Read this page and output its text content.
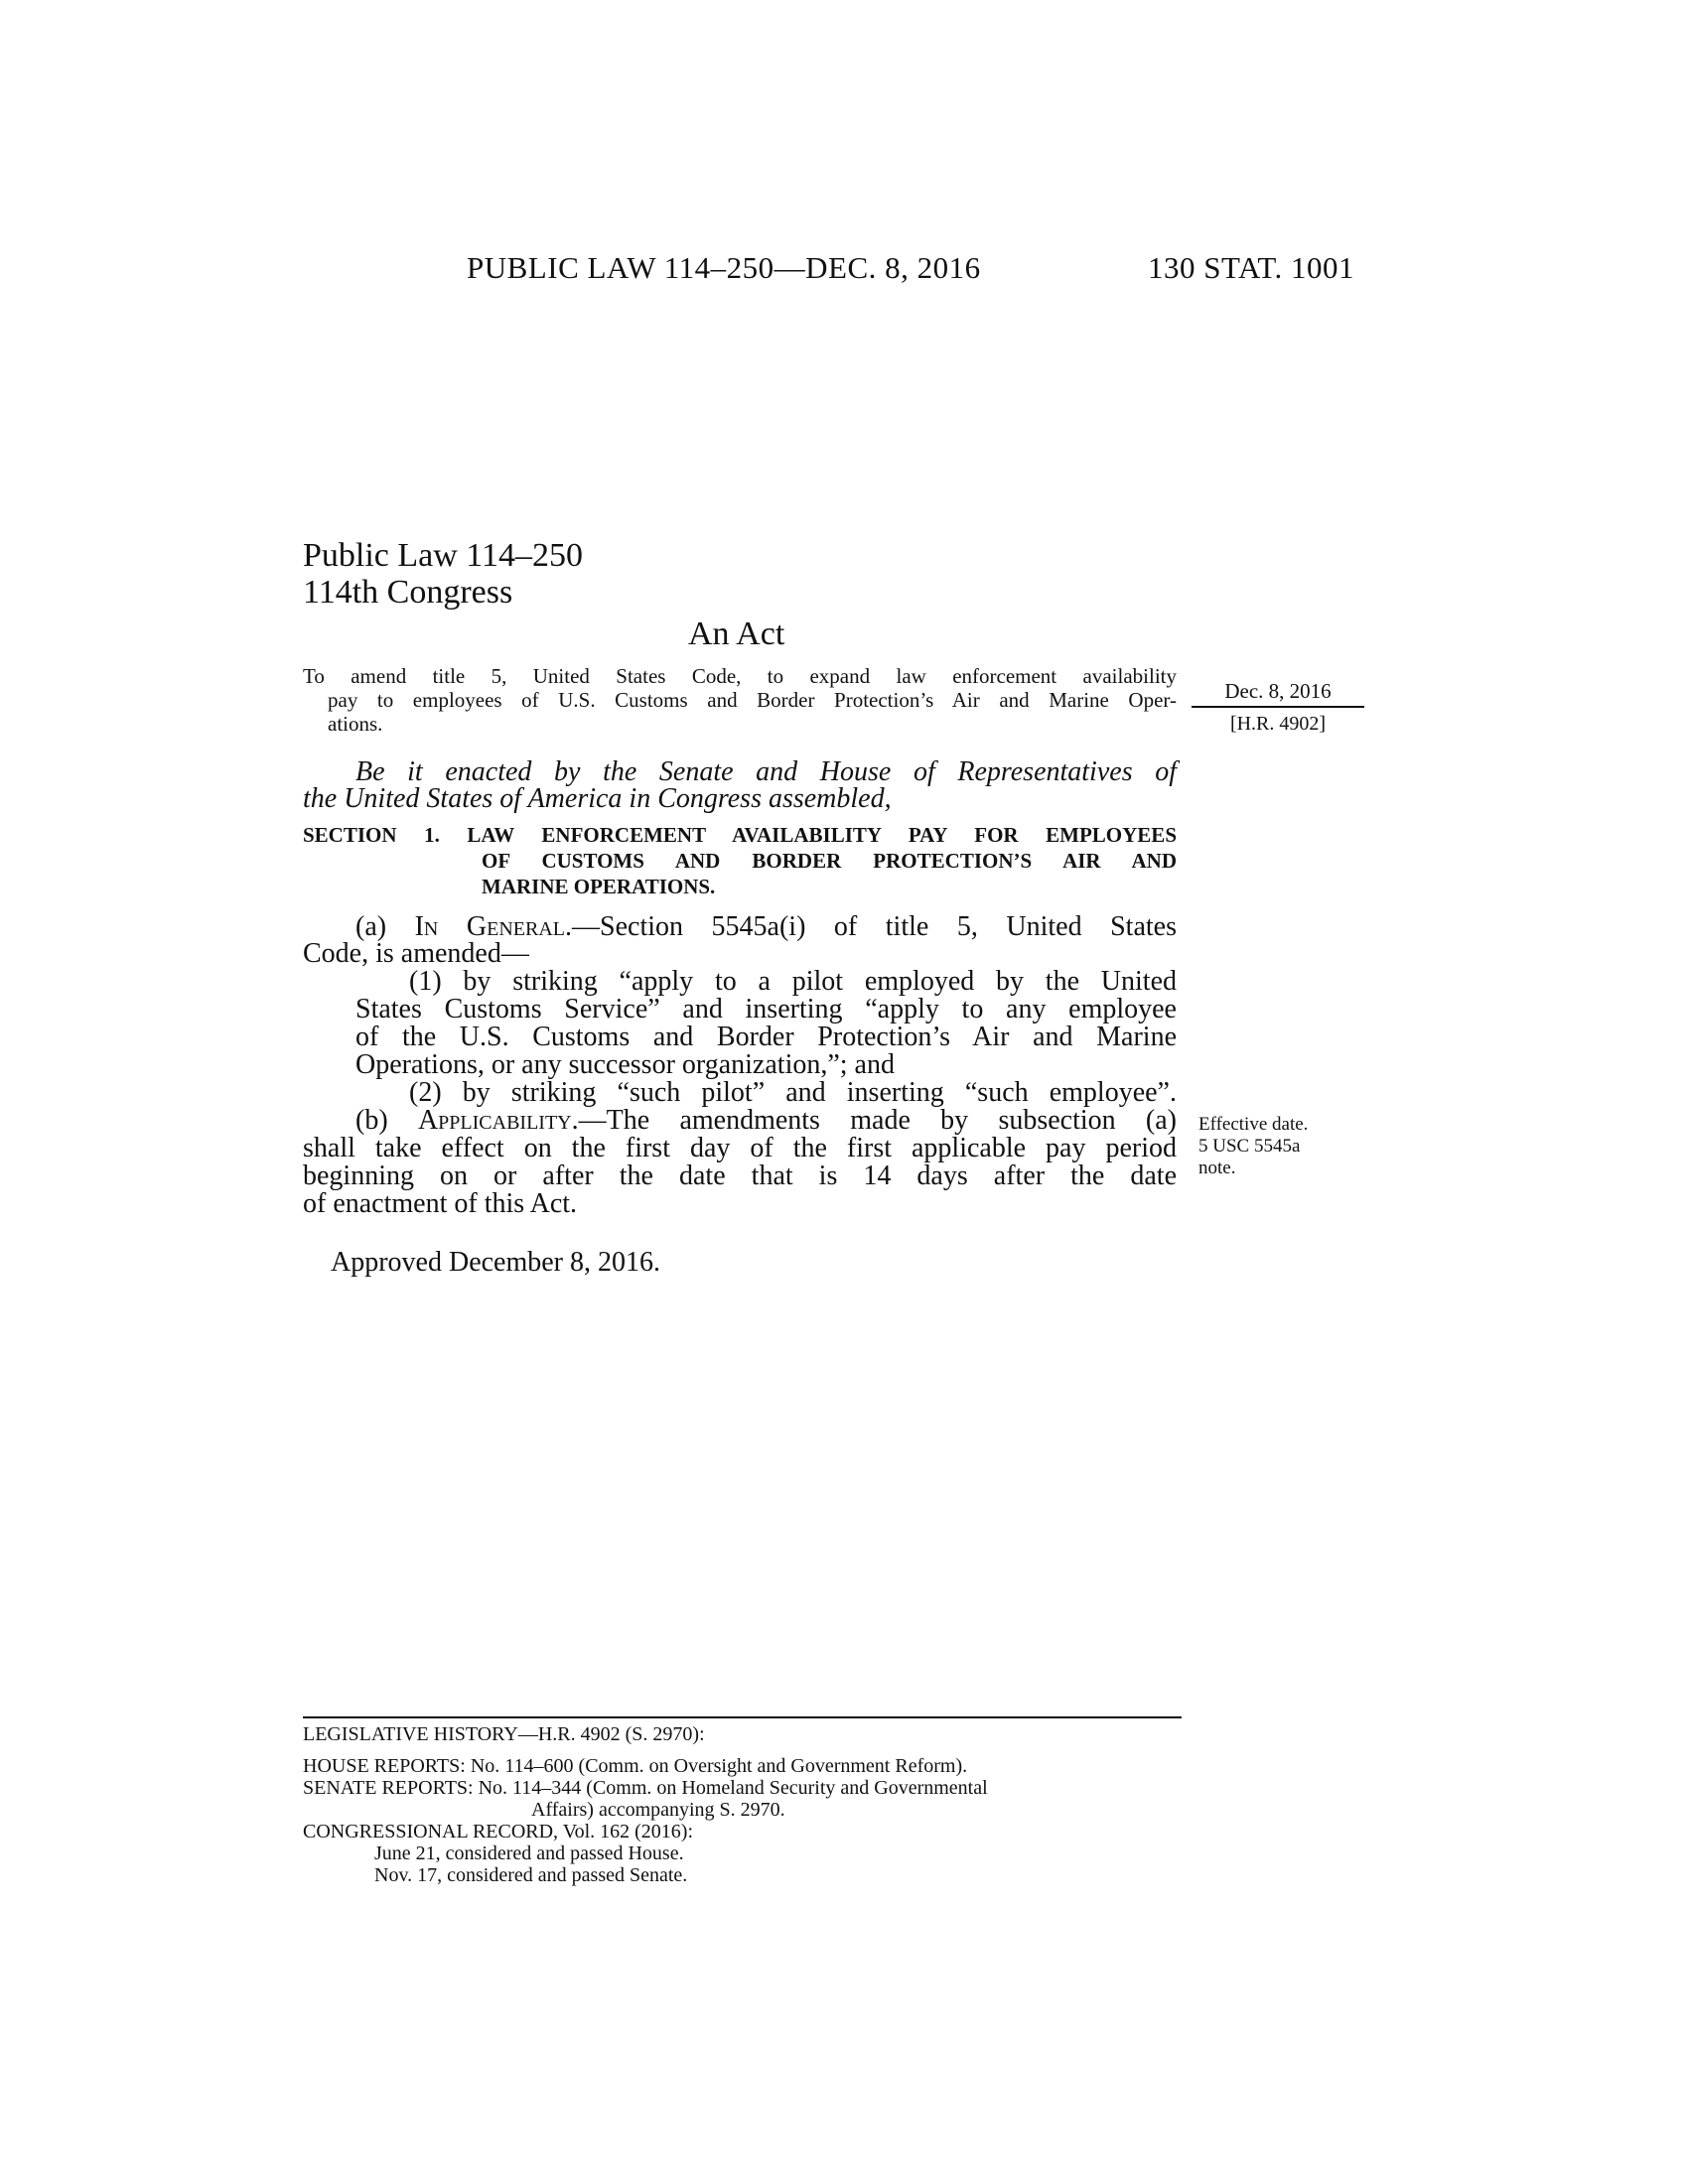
PUBLIC LAW 114–250—DEC. 8, 2016	130 STAT. 1001
Public Law 114–250
114th Congress
An Act
To amend title 5, United States Code, to expand law enforcement availability
pay to employees of U.S. Customs and Border Protection’s Air and Marine Oper-
ations.
Dec. 8, 2016
[H.R. 4902]
Be it enacted by the Senate and House of Representatives of
the United States of America in Congress assembled,
SECTION 1. LAW ENFORCEMENT AVAILABILITY PAY FOR EMPLOYEES
OF CUSTOMS AND BORDER PROTECTION’S AIR AND
MARINE OPERATIONS.
(a) In General.—Section 5545a(i) of title 5, United States
Code, is amended—
(1) by striking “apply to a pilot employed by the United
States Customs Service” and inserting “apply to any employee
of the U.S. Customs and Border Protection’s Air and Marine
Operations, or any successor organization,”; and
(2) by striking “such pilot” and inserting “such employee”.
(b) Applicability.—The amendments made by subsection (a)
shall take effect on the first day of the first applicable pay period
beginning on or after the date that is 14 days after the date
of enactment of this Act.
Effective date.
5 USC 5545a
note.
Approved December 8, 2016.
LEGISLATIVE HISTORY—H.R. 4902 (S. 2970):
HOUSE REPORTS: No. 114–600 (Comm. on Oversight and Government Reform).
SENATE REPORTS: No. 114–344 (Comm. on Homeland Security and Governmental
Affairs) accompanying S. 2970.
CONGRESSIONAL RECORD, Vol. 162 (2016):
June 21, considered and passed House.
Nov. 17, considered and passed Senate.
